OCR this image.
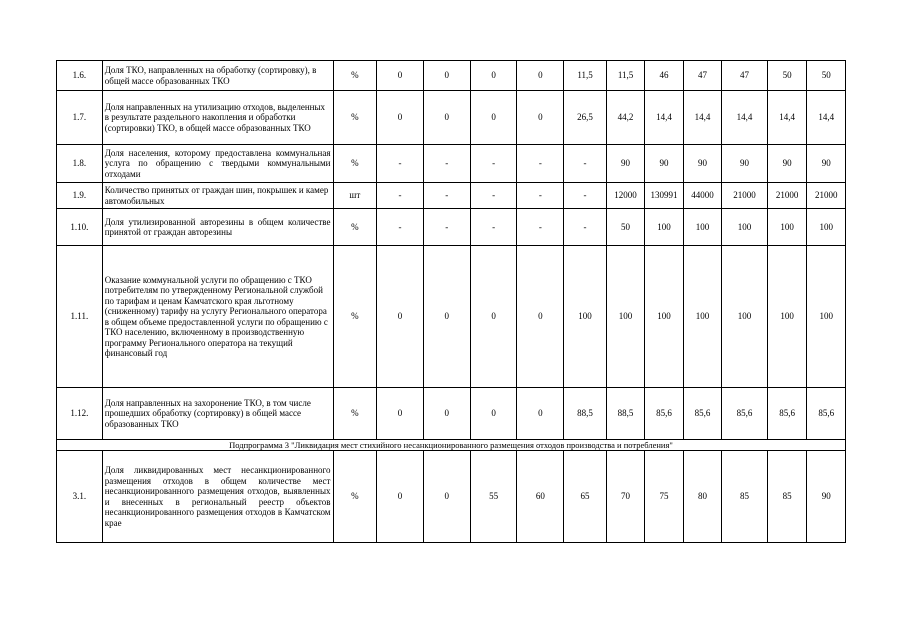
1.6.	Доля ТКО, направленных на обработку (сортировку), в общей массе образованных ТКО	%	0	0	0	0	11,5	11,5	46	47	47	50	50
1.7.	Доля направленных на утилизацию отходов, выделенных в результате раздельного накопления и обработки (сортировки) ТКО, в общей массе образованных ТКО	%	0	0	0	0	26,5	44,2	14,4	14,4	14,4	14,4	14,4
1.8.	Доля населения, которому предоставлена коммунальная услуга по обращению с твердыми коммунальными отходами	%	-	-	-	-	-	90	90	90	90	90	90
1.9.	Количество принятых от граждан шин, покрышек и камер автомобильных	шт	-	-	-	-	-	12000	130991	44000	21000	21000	21000
1.10.	Доля утилизированной авторезины в общем количестве принятой от граждан авторезины	%	-	-	-	-	-	50	100	100	100	100	100
1.11.	Оказание коммунальной услуги по обращению с ТКО потребителям по утвержденному Региональной службой по тарифам и ценам Камчатского края льготному (сниженному) тарифу на услугу Регионального оператора в общем объеме предоставленной услуги по обращению с ТКО населению, включенному в производственную программу Регионального оператора на текущий финансовый год	%	0	0	0	0	100	100	100	100	100	100	100
1.12.	Доля направленных на захоронение ТКО, в том числе прошедших обработку (сортировку) в общей массе образованных ТКО	%	0	0	0	0	88,5	88,5	85,6	85,6	85,6	85,6	85,6
Подпрограмма 3 "Ликвидация мест стихийного несанкционированного размещения отходов производства и потребления"													
3.1.	Доля ликвидированных мест несанкционированного размещения отходов в общем количестве мест несанкционированного размещения отходов, выявленных и внесенных в региональный реестр объектов несанкционированного размещения отходов в Камчатском крае	%	0	0	55	60	65	70	75	80	85	85	90
